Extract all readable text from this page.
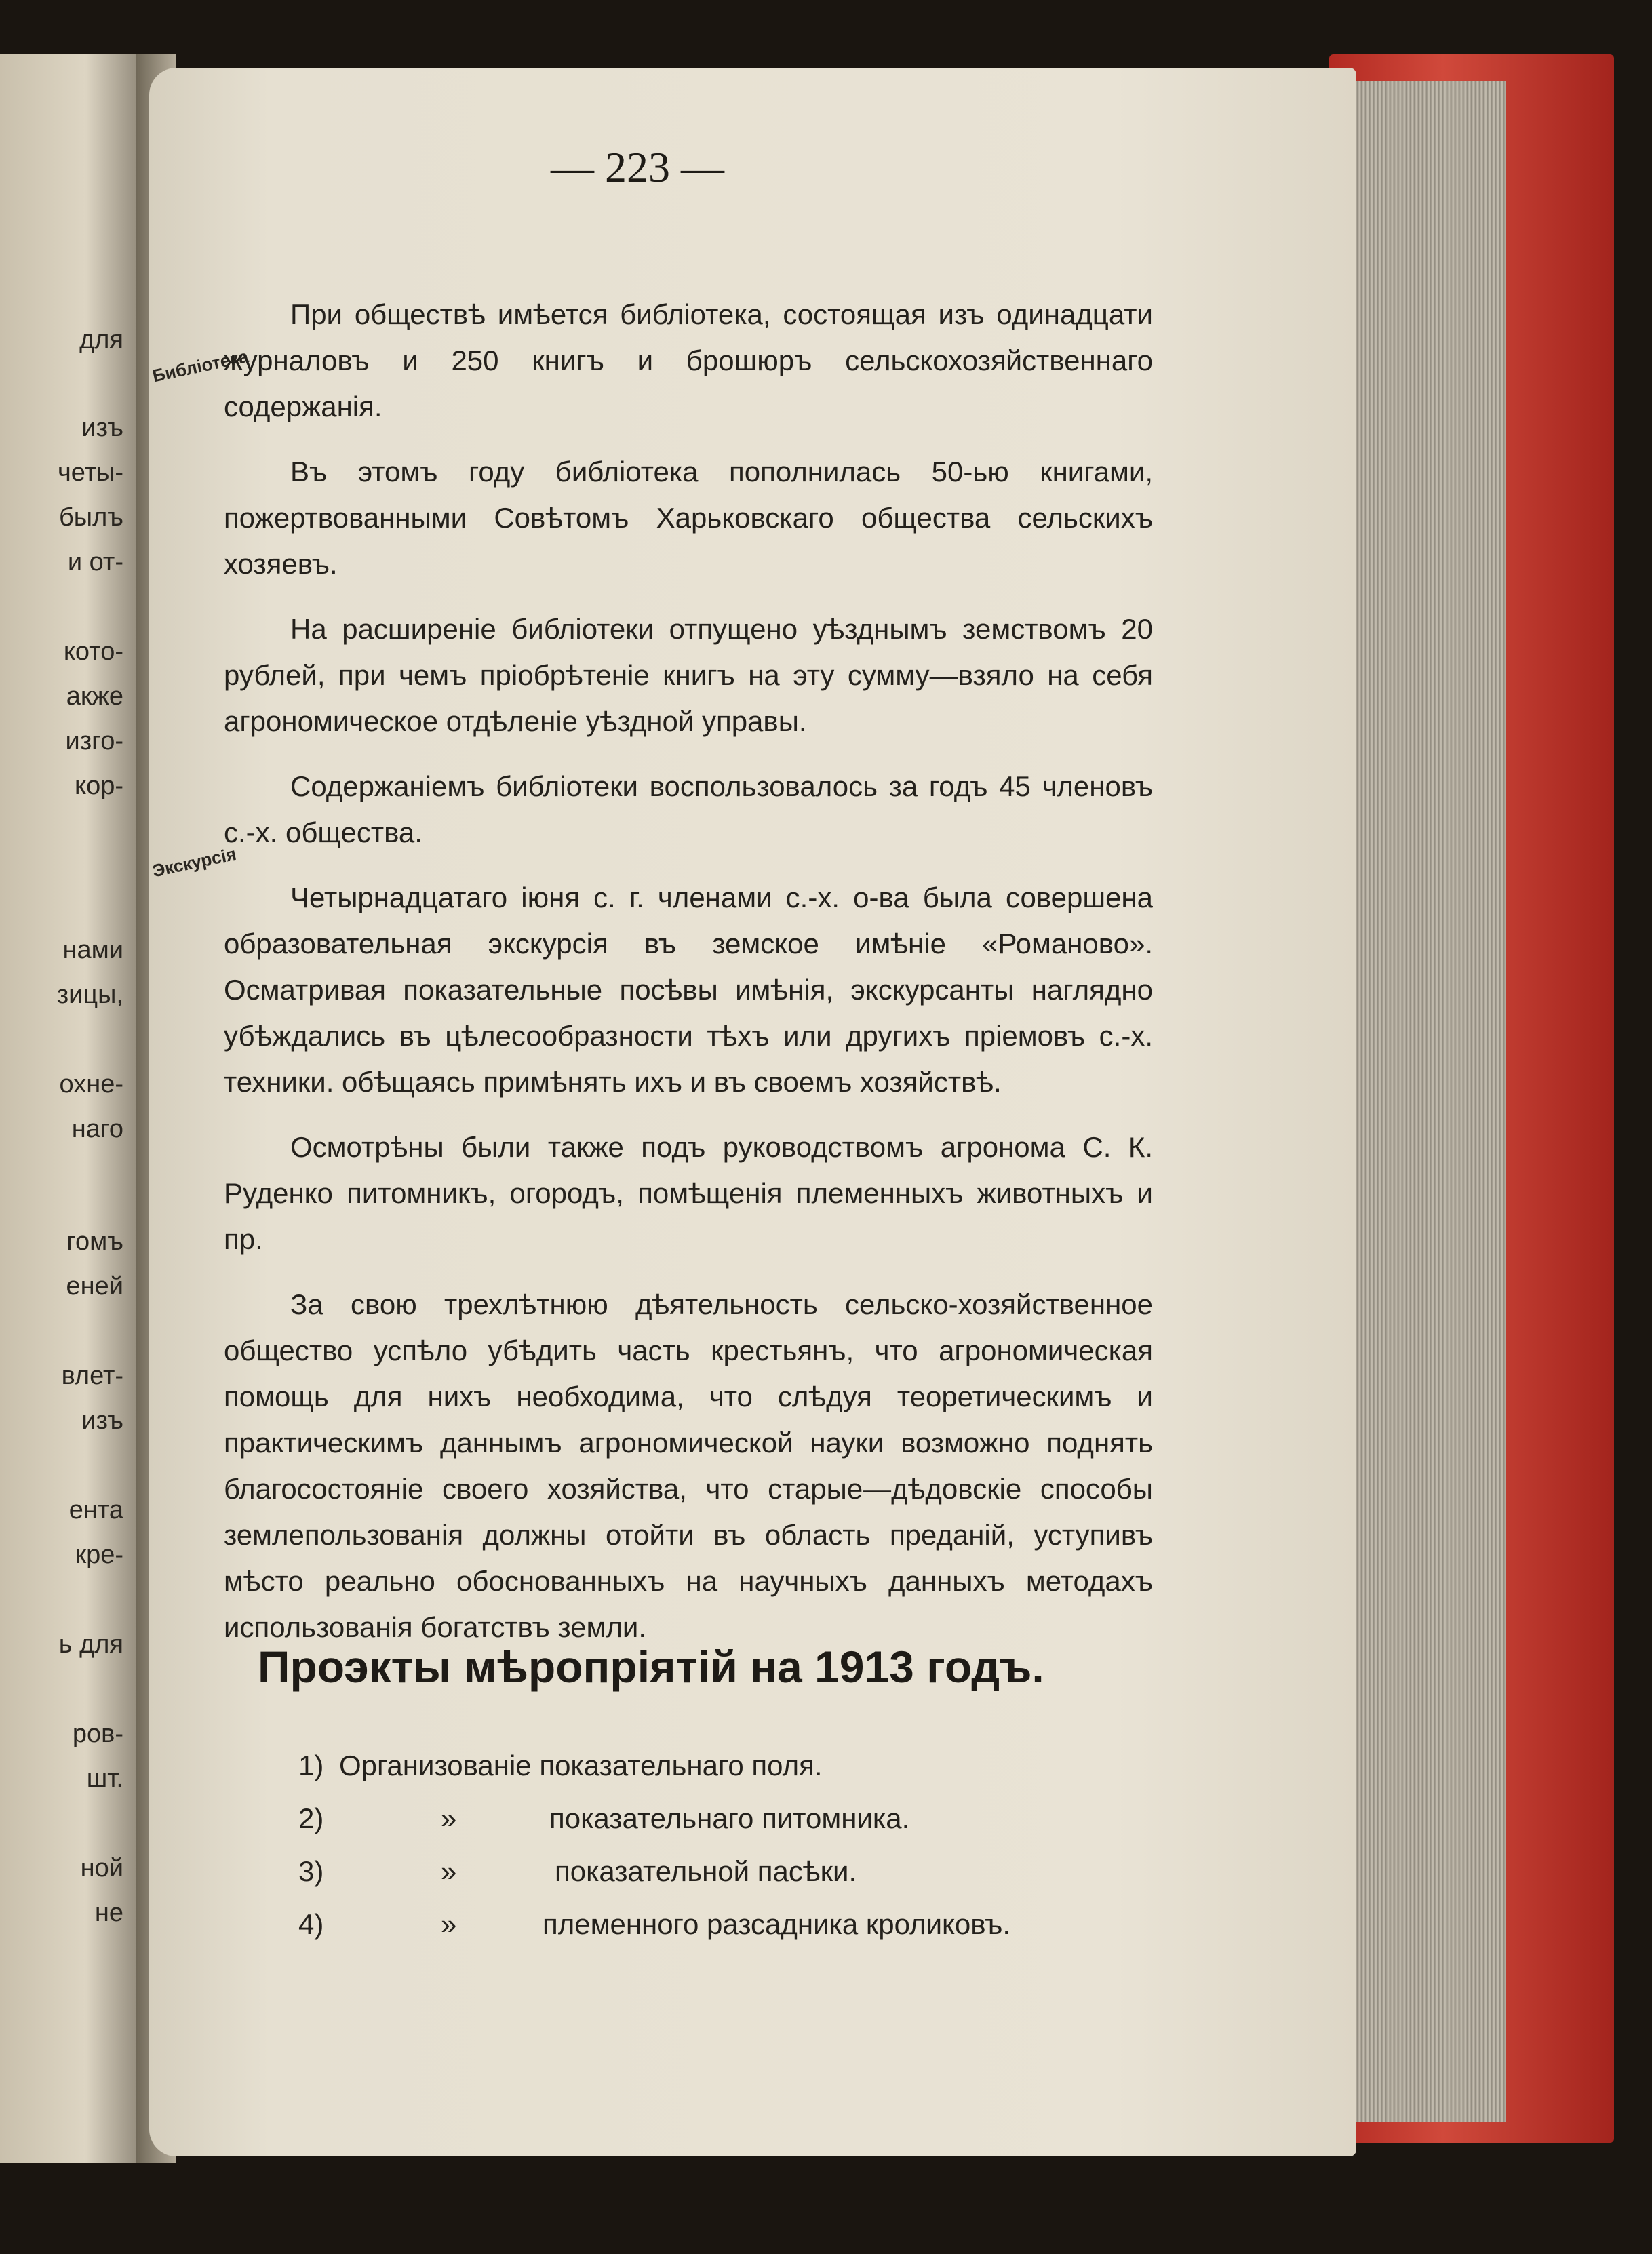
для
изъ
четы-
былъ
и от-
кото-
акже
изго-
кор-
нами
зицы,
охне-
наго
гомъ
еней
влет-
изъ
ента
кре-
ь для
ров-
шт.
ной
не
— 223 —
Библіотека
Экскурсія

При обществѣ имѣется библіотека, состоящая изъ одинадцати журналовъ и 250 книгъ и брошюръ сельскохозяйственнаго содержанія.

Въ этомъ году библіотека пополнилась 50-ью книгами, пожертвованными Совѣтомъ Харьковскаго общества сельскихъ хозяевъ.

На расширеніе библіотеки отпущено уѣзднымъ земствомъ 20 рублей, при чемъ пріобрѣтеніе книгъ на эту сумму—взяло на себя агрономическое отдѣленіе уѣздной управы.

Содержаніемъ библіотеки воспользовалось за годъ 45 членовъ с.-х. общества.

Четырнадцатаго іюня с. г. членами с.-х. о-ва была совершена образовательная экскурсія въ земское имѣніе «Романово». Осматривая показательные посѣвы имѣнія, экскурсанты наглядно убѣждались въ цѣлесообразности тѣхъ или другихъ пріемовъ с.-х. техники. обѣщаясь примѣнять ихъ и въ своемъ хозяйствѣ.

Осмотрѣны были также подъ руководствомъ агронома С. К. Руденко питомникъ, огородъ, помѣщенія племенныхъ животныхъ и пр.

За свою трехлѣтнюю дѣятельность сельско-хозяйственное общество успѣло убѣдить часть крестьянъ, что агрономическая помощь для нихъ необходима, что слѣдуя теоретическимъ и практическимъ даннымъ агрономической науки возможно поднять благосостояніе своего хозяйства, что старые—дѣдовскіе способы землепользованія должны отойти въ область преданій, уступивъ мѣсто реально обоснованныхъ на научныхъ данныхъ методахъ использованія богатствъ земли.

Проэкты мѣропріятій на 1913 годъ.
1) Организованіе показательнаго поля.
2)	»	показательнаго питомника.
3)	»	показательной пасѣки.
4)	»	племенного разсадника кроликовъ.
